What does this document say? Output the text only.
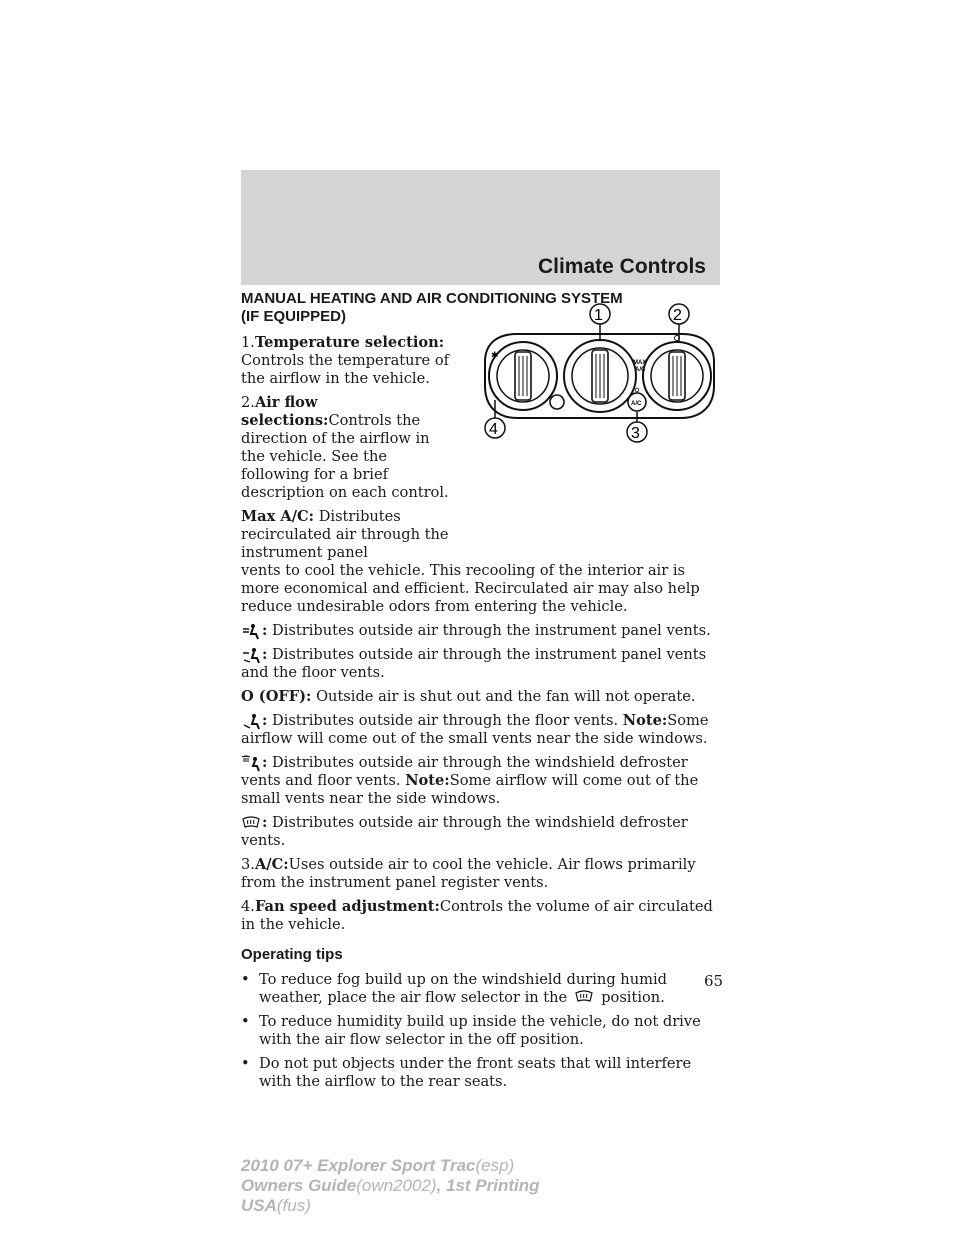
Climate Controls
✱
MAX
A/C
A/C
1	2
4	3
MANUAL HEATING AND AIR CONDITIONING SYSTEM
(IF EQUIPPED)
1.Temperature selection: Controls the temperature of the airflow in the vehicle.
2.Air flow selections:Controls the direction of the airflow in the vehicle. See the following for a brief description on each control.
Max A/C: Distributes recirculated air through the instrument panel
vents to cool the vehicle. This recooling of the interior air is more economical and efficient. Recirculated air may also help reduce undesirable odors from entering the vehicle.
: Distributes outside air through the instrument panel vents.
: Distributes outside air through the instrument panel vents and the floor vents.
O (OFF): Outside air is shut out and the fan will not operate.
: Distributes outside air through the floor vents. Note:Some airflow will come out of the small vents near the side windows.
: Distributes outside air through the windshield defroster vents and floor vents. Note:Some airflow will come out of the small vents near the side windows.
: Distributes outside air through the windshield defroster vents.
3.A/C:Uses outside air to cool the vehicle. Air flows primarily from the instrument panel register vents.
4.Fan speed adjustment:Controls the volume of air circulated in the vehicle.
Operating tips
• To reduce fog build up on the windshield during humid weather, place the air flow selector in the position.
• To reduce humidity build up inside the vehicle, do not drive with the air flow selector in the off position.
• Do not put objects under the front seats that will interfere with the airflow to the rear seats.
65
2010 07+ Explorer Sport Trac(esp)
Owners Guide(own2002), 1st Printing
USA(fus)
